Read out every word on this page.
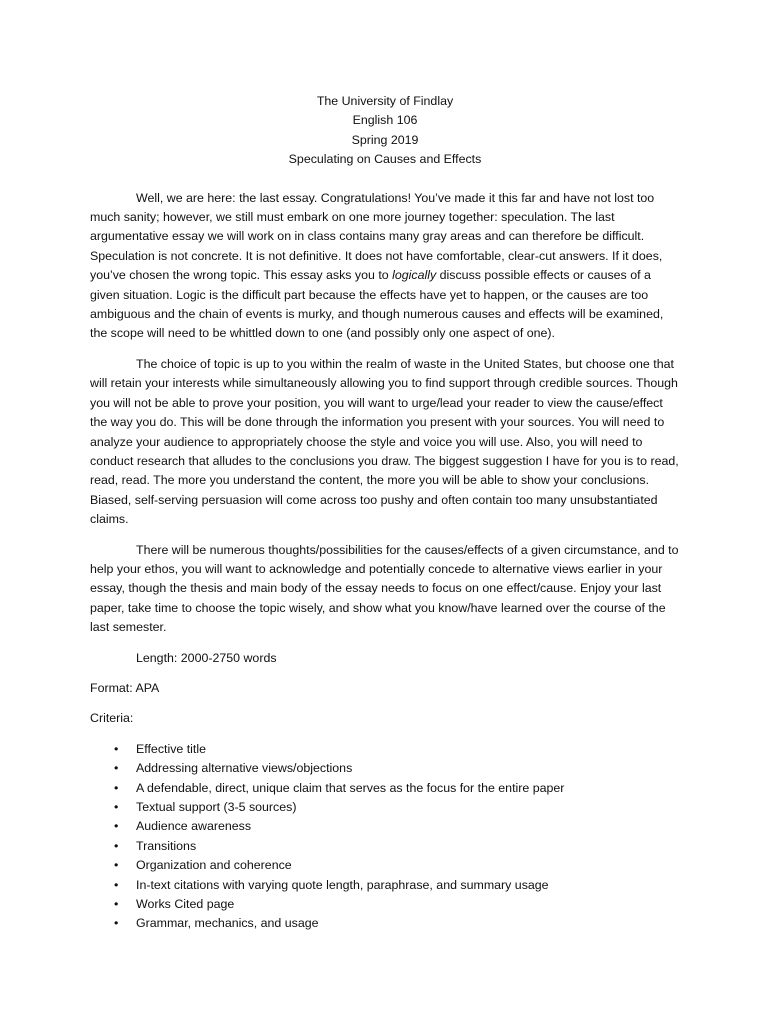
The University of Findlay
English 106
Spring 2019
Speculating on Causes and Effects

Well, we are here: the last essay. Congratulations! You’ve made it this far and have not lost too much sanity; however, we still must embark on one more journey together: speculation. The last argumentative essay we will work on in class contains many gray areas and can therefore be difficult. Speculation is not concrete. It is not definitive. It does not have comfortable, clear-cut answers. If it does, you’ve chosen the wrong topic. This essay asks you to logically discuss possible effects or causes of a given situation. Logic is the difficult part because the effects have yet to happen, or the causes are too ambiguous and the chain of events is murky, and though numerous causes and effects will be examined, the scope will need to be whittled down to one (and possibly only one aspect of one).

The choice of topic is up to you within the realm of waste in the United States, but choose one that will retain your interests while simultaneously allowing you to find support through credible sources. Though you will not be able to prove your position, you will want to urge/lead your reader to view the cause/effect the way you do. This will be done through the information you present with your sources. You will need to analyze your audience to appropriately choose the style and voice you will use. Also, you will need to conduct research that alludes to the conclusions you draw. The biggest suggestion I have for you is to read, read, read. The more you understand the content, the more you will be able to show your conclusions. Biased, self-serving persuasion will come across too pushy and often contain too many unsubstantiated claims.

There will be numerous thoughts/possibilities for the causes/effects of a given circumstance, and to help your ethos, you will want to acknowledge and potentially concede to alternative views earlier in your essay, though the thesis and main body of the essay needs to focus on one effect/cause. Enjoy your last paper, take time to choose the topic wisely, and show what you know/have learned over the course of the last semester.

Length: 2000-2750 words

Format: APA

Criteria:

• Effective title
• Addressing alternative views/objections
• A defendable, direct, unique claim that serves as the focus for the entire paper
• Textual support (3-5 sources)
• Audience awareness
• Transitions
• Organization and coherence
• In-text citations with varying quote length, paraphrase, and summary usage
• Works Cited page
• Grammar, mechanics, and usage
